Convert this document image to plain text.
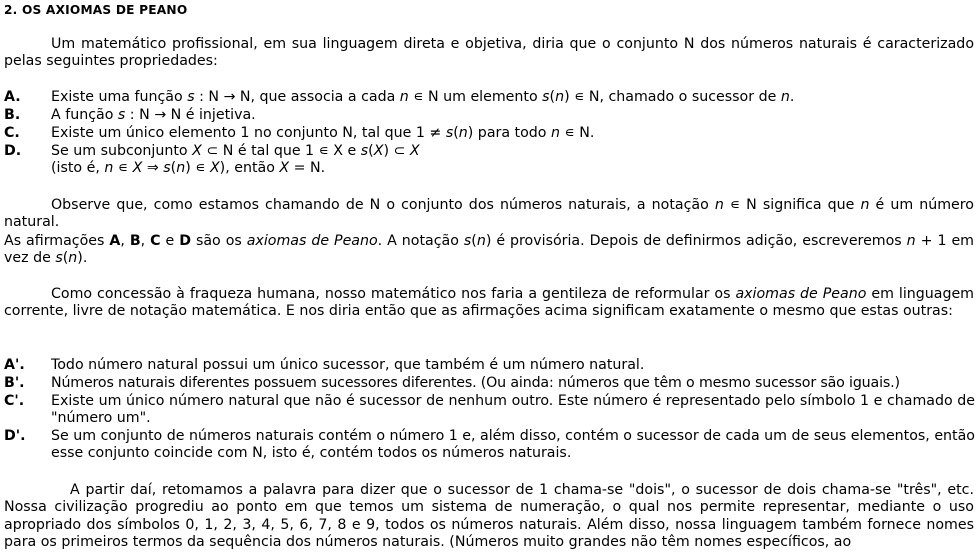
2. OS AXIOMAS DE PEANO

Um matemático profissional, em sua linguagem direta e objetiva, diria que o conjunto N dos números naturais é caracterizado pelas seguintes propriedades:

A. Existe uma função s : N → N, que associa a cada n ∊ N um elemento s(n) ∊ N, chamado o sucessor de n.
B. A função s : N → N é injetiva.
C. Existe um único elemento 1 no conjunto N, tal que 1 ≠ s(n) para todo n ∊ N.
D. Se um subconjunto X ⊂ N é tal que 1 ∊ X e s(X) ⊂ X
(isto é, n ∊ X ⇒ s(n) ∊ X), então X = N.

Observe que, como estamos chamando de N o conjunto dos números naturais, a notação n ∊ N significa que n é um número natural.

As afirmações A, B, C e D são os axiomas de Peano. A notação s(n) é provisória. Depois de definirmos adição, escreveremos n + 1 em vez de s(n).

Como concessão à fraqueza humana, nosso matemático nos faria a gentileza de reformular os axiomas de Peano em linguagem corrente, livre de notação matemática. E nos diria então que as afirmações acima significam exatamente o mesmo que estas outras:

A'. Todo número natural possui um único sucessor, que também é um número natural.
B'. Números naturais diferentes possuem sucessores diferentes. (Ou ainda: números que têm o mesmo sucessor são iguais.)
C'. Existe um único número natural que não é sucessor de nenhum outro. Este número é representado pelo símbolo 1 e chamado de "número um".
D'. Se um conjunto de números naturais contém o número 1 e, além disso, contém o sucessor de cada um de seus elementos, então esse conjunto coincide com N, isto é, contém todos os números naturais.

A partir daí, retomamos a palavra para dizer que o sucessor de 1 chama-se "dois", o sucessor de dois chama-se "três", etc. Nossa civilização progrediu ao ponto em que temos um sistema de numeração, o qual nos permite representar, mediante o uso apropriado dos símbolos 0, 1, 2, 3, 4, 5, 6, 7, 8 e 9, todos os números naturais. Além disso, nossa linguagem também fornece nomes para os primeiros termos da sequência dos números naturais. (Números muito grandes não têm nomes específicos, ao
